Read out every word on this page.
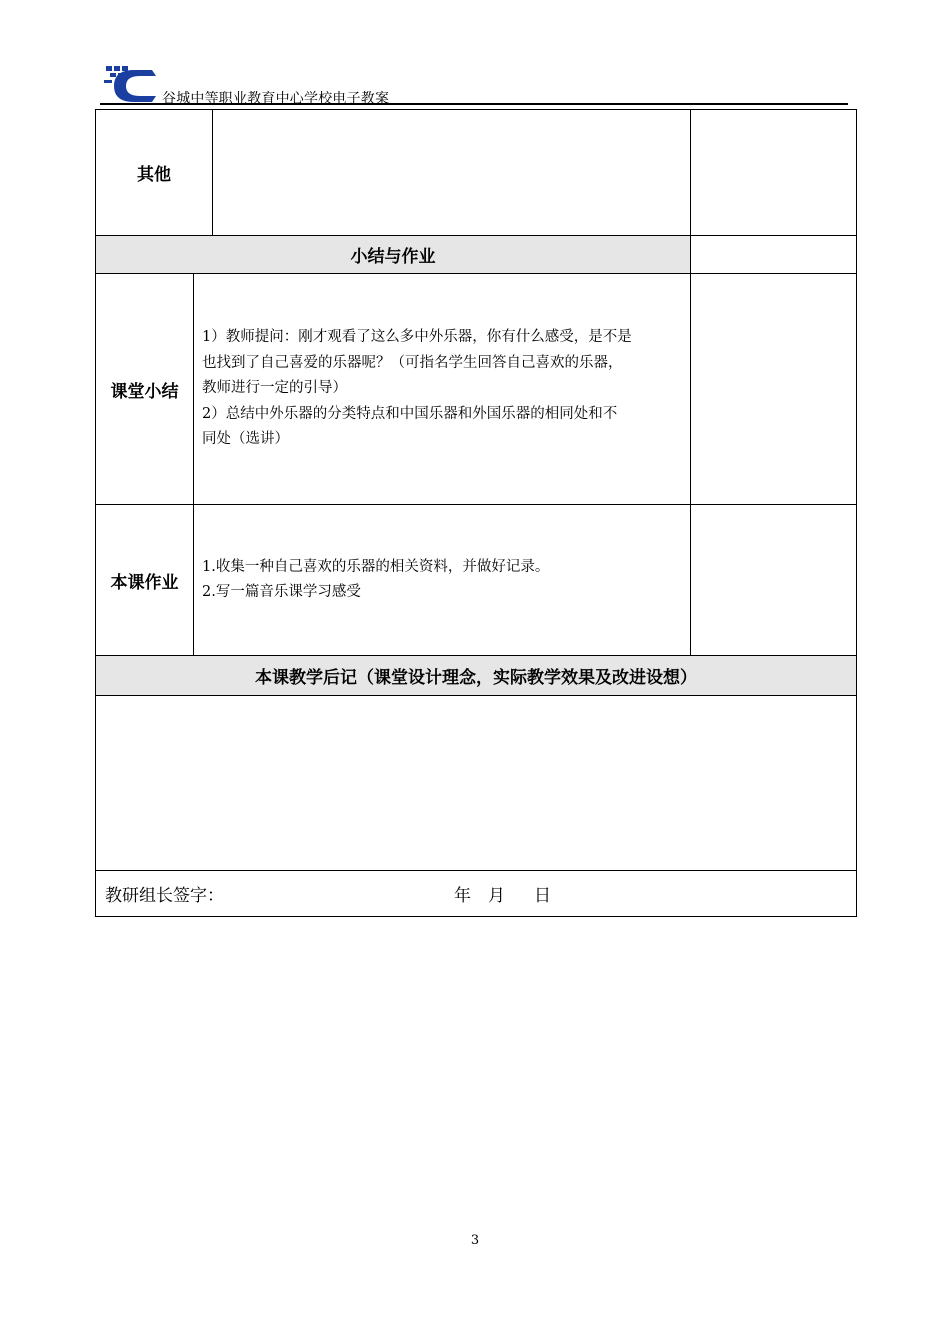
谷城中等职业教育中心学校电子教案
其他			
小结与作业			
课堂小结	1）教师提问：刚才观看了这么多中外乐器，你有什么感受，是不是

也找到了自己喜爱的乐器呢？（可指名学生回答自己喜欢的乐器，

教师进行一定的引导）

2）总结中外乐器的分类特点和中国乐器和外国乐器的相同处和不

同处（选讲）		

本课作业	1.收集一种自己喜欢的乐器的相关资料，并做好记录。

2.写一篇音乐课学习感受		

本课教学后记（课堂设计理念，实际教学效果及改进设想）			

教研组长签字： 年 月 日			
3
